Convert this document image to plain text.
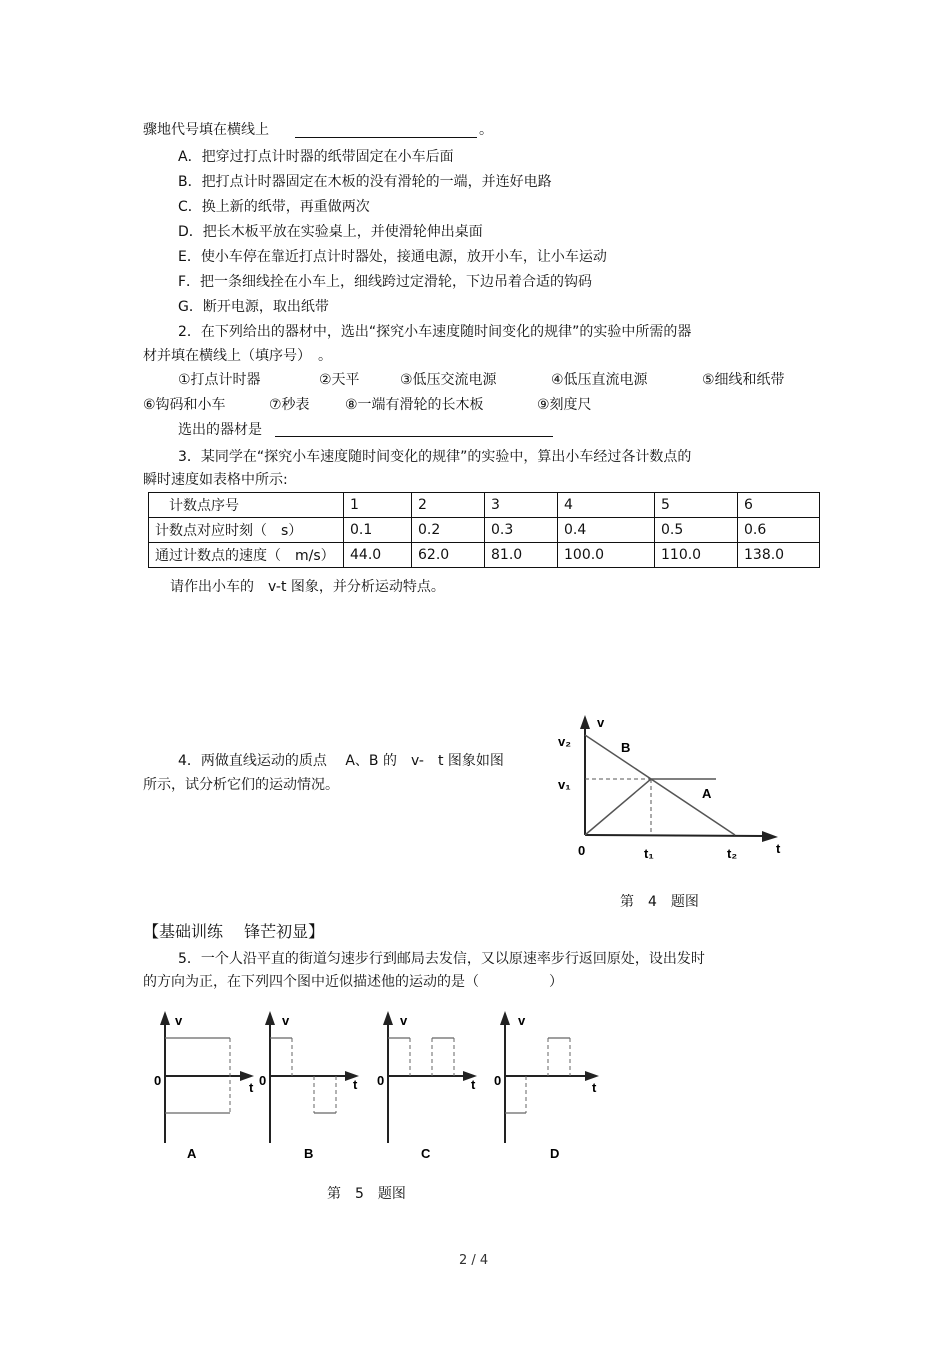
骤地代号填在横线上	。
A．把穿过打点计时器的纸带固定在小车后面
B．把打点计时器固定在木板的没有滑轮的一端，并连好电路
C．换上新的纸带，再重做两次
D．把长木板平放在实验桌上，并使滑轮伸出桌面
E．使小车停在靠近打点计时器处，接通电源，放开小车，让小车运动
F．把一条细线拴在小车上，细线跨过定滑轮，下边吊着合适的钩码
G．断开电源，取出纸带
2．在下列给出的器材中，选出“探究小车速度随时间变化的规律”的实验中所需的器
材并填在横线上（填序号）　。
①打点计时器	②天平	③低压交流电源	④低压直流电源	⑤细线和纸带
⑥钩码和小车	⑦秒表	⑧一端有滑轮的长木板	⑨刻度尺
选出的器材是
3．某同学在“探究小车速度随时间变化的规律”的实验中，算出小车经过各计数点的
瞬时速度如表格中所示:
计数点序号	1	2	3	4	5	6
计数点对应时刻（　s）	0.1	0.2	0.3	0.4	0.5	0.6
通过计数点的速度（　m/s）	44.0	62.0	81.0	100.0	110.0	138.0
请作出小车的　v-t 图象，并分析运动特点。
4．两做直线运动的质点　 A、B 的　v-　t 图象如图
所示，试分析它们的运动情况。
v
v₂
v₁
B
A
0	t₁	t₂	t
第　4　题图
【基础训练　 锋芒初显】
5．一个人沿平直的街道匀速步行到邮局去发信，又以原速率步行返回原处，设出发时
的方向为正，在下列四个图中近似描述他的运动的是（　　　　　）
v
0	t
A
v
0	t
B
v
0	t
C
v
0	t
D
第　5　题图
2 / 4
